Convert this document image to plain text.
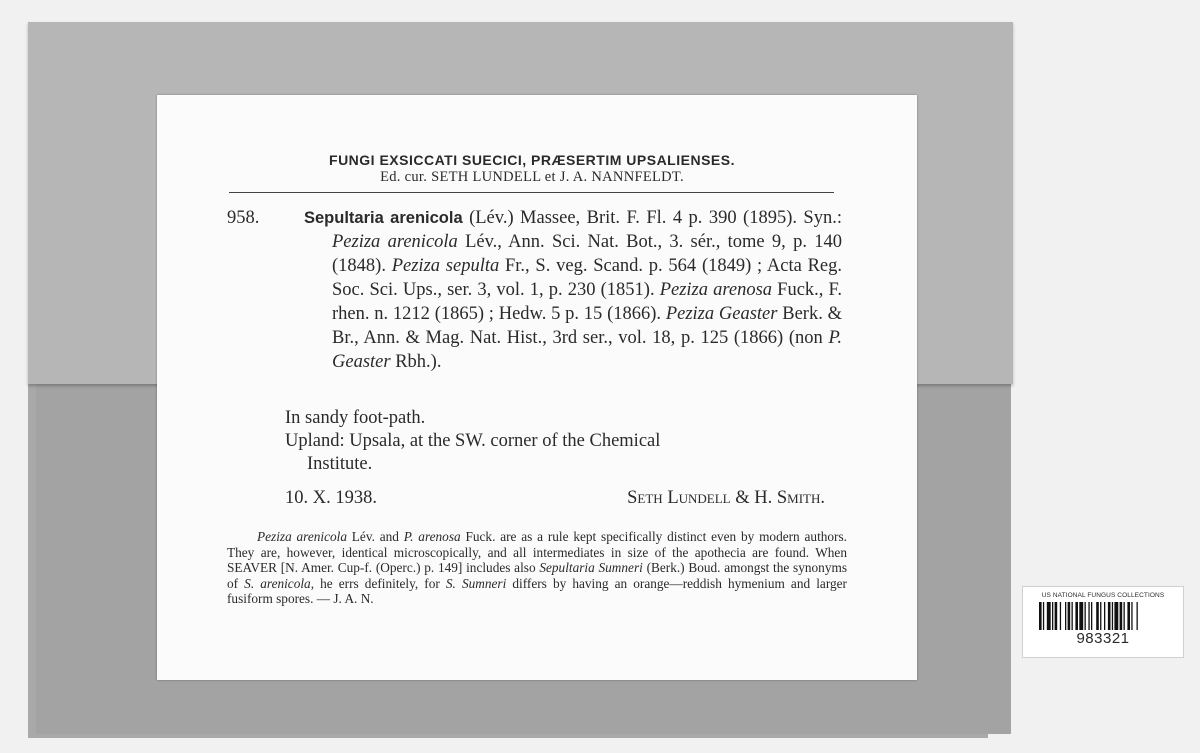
FUNGI EXSICCATI SUECICI, PRÆSERTIM UPSALIENSES.
Ed. cur. SETH LUNDELL et J. A. NANNFELDT.
958.	Sepultaria arenicola (Lév.) Massee, Brit. F. Fl. 4 p. 390 (1895). Syn.: Peziza arenicola Lév., Ann. Sci. Nat. Bot., 3. sér., tome 9, p. 140 (1848). Peziza sepulta Fr., S. veg. Scand. p. 564 (1849) ; Acta Reg. Soc. Sci. Ups., ser. 3, vol. 1, p. 230 (1851). Peziza arenosa Fuck., F. rhen. n. 1212 (1865) ; Hedw. 5 p. 15 (1866). Peziza Geaster Berk. & Br., Ann. & Mag. Nat. Hist., 3rd ser., vol. 18, p. 125 (1866) (non P. Geaster Rbh.).
In sandy foot-path.
Upland: Upsala, at the SW. corner of the Chemical
Institute.
10. X. 1938.	Seth Lundell & H. Smith.
Peziza arenicola Lév. and P. arenosa Fuck. are as a rule kept specifically distinct even by modern authors. They are, however, identical microscopically, and all intermediates in size of the apothecia are found. When SEAVER [N. Amer. Cup-f. (Operc.) p. 149] includes also Sepultaria Sumneri (Berk.) Boud. amongst the synonyms of S. arenicola, he errs definitely, for S. Sumneri differs by having an orange—reddish hymenium and larger fusiform spores. — J. A. N.	US NATIONAL FUNGUS COLLECTIONS
983321
